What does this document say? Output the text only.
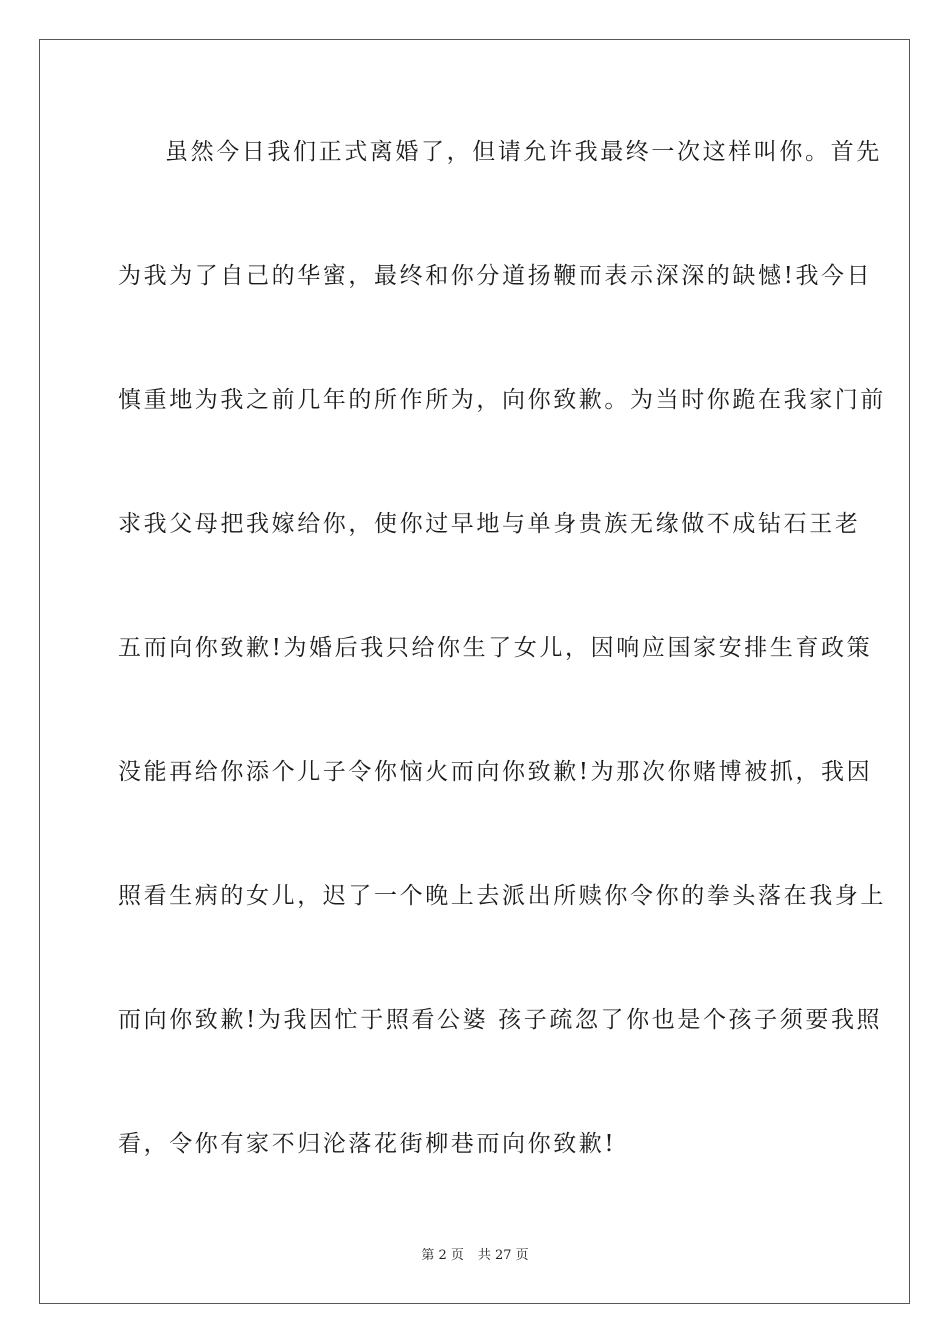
虽然今日我们正式离婚了，但请允许我最终一次这样叫你。首先
为我为了自己的华蜜，最终和你分道扬鞭而表示深深的缺憾!我今日
慎重地为我之前几年的所作所为，向你致歉。为当时你跪在我家门前
求我父母把我嫁给你，使你过早地与单身贵族无缘做不成钻石王老
五而向你致歉!为婚后我只给你生了女儿，因响应国家安排生育政策
没能再给你添个儿子令你恼火而向你致歉!为那次你赌博被抓，我因
照看生病的女儿，迟了一个晚上去派出所赎你令你的拳头落在我身上
而向你致歉!为我因忙于照看公婆 孩子疏忽了你也是个孩子须要我照
看，令你有家不归沦落花街柳巷而向你致歉!
第 2 页 共 27 页
